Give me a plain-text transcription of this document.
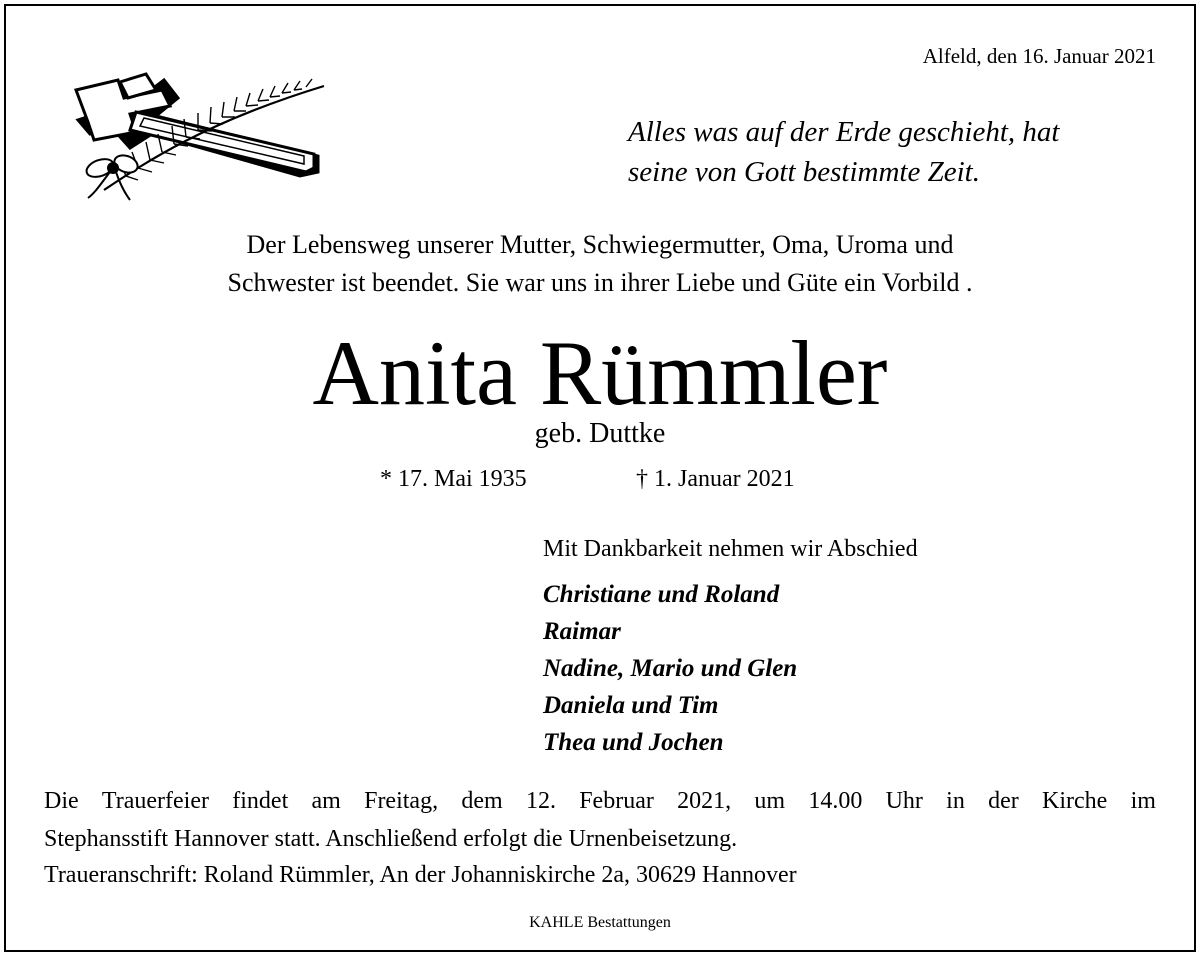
Alfeld, den 16. Januar 2021
Alles was auf der Erde geschieht, hat
seine von Gott bestimmte Zeit.
Der Lebensweg unserer Mutter, Schwiegermutter, Oma, Uroma und
Schwester ist beendet. Sie war uns in ihrer Liebe und Güte ein Vorbild .
Anita Rümmler
geb. Duttke
* 17. Mai 1935	† 1. Januar 2021
Mit Dankbarkeit nehmen wir Abschied
Christiane und Roland
Raimar
Nadine, Mario und Glen
Daniela und Tim
Thea und Jochen
Die Trauerfeier findet am Freitag, dem 12. Februar 2021, um 14.00 Uhr in der Kirche im
Stephansstift Hannover statt. Anschließend erfolgt die Urnenbeisetzung.
Traueranschrift: Roland Rümmler, An der Johanniskirche 2a, 30629 Hannover
KAHLE Bestattungen
